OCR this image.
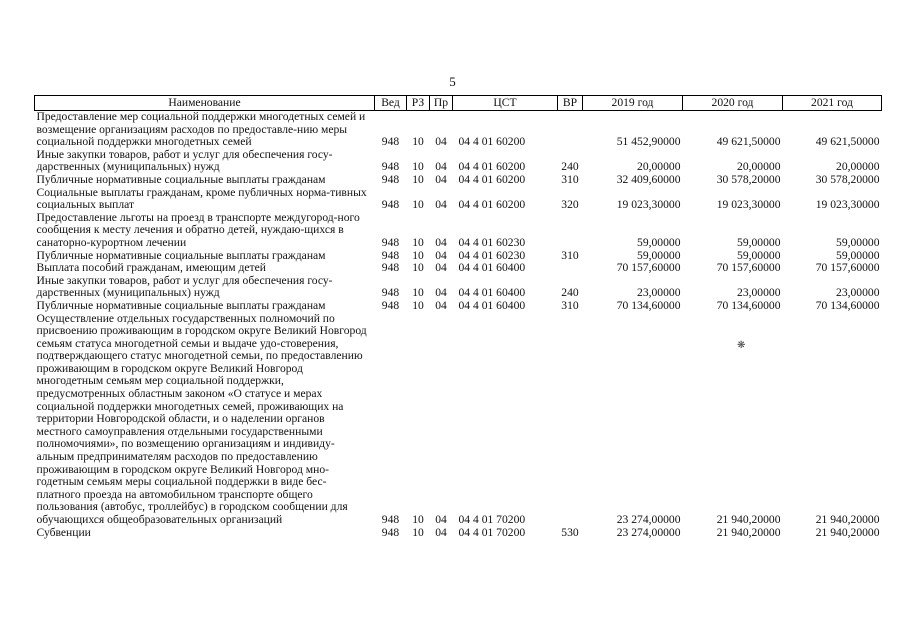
5
Наименование	Вед	РЗ	Пр	ЦСТ	ВР	2019 год	2020 год	2021 год
Предоставление мер социальной поддержки многодетных семей и возмещение организациям расходов по предоставле-нию меры социальной поддержки многодетных семей	948	10	04	04 4 01 60200		51 452,90000	49 621,50000	49 621,50000
Иные закупки товаров, работ и услуг для обеспечения госу-дарственных (муниципальных) нужд	948	10	04	04 4 01 60200	240	20,00000	20,00000	20,00000
Публичные нормативные социальные выплаты гражданам	948	10	04	04 4 01 60200	310	32 409,60000	30 578,20000	30 578,20000
Социальные выплаты гражданам, кроме публичных норма-тивных социальных выплат	948	10	04	04 4 01 60200	320	19 023,30000	19 023,30000	19 023,30000
Предоставление льготы на проезд в транспорте междугород-ного сообщения к месту лечения и обратно детей, нуждаю-щихся в санаторно-курортном лечении	948	10	04	04 4 01 60230		59,00000	59,00000	59,00000
Публичные нормативные социальные выплаты гражданам	948	10	04	04 4 01 60230	310	59,00000	59,00000	59,00000
Выплата пособий гражданам, имеющим детей	948	10	04	04 4 01 60400		70 157,60000	70 157,60000	70 157,60000
Иные закупки товаров, работ и услуг для обеспечения госу-дарственных (муниципальных) нужд	948	10	04	04 4 01 60400	240	23,00000	23,00000	23,00000
Публичные нормативные социальные выплаты гражданам	948	10	04	04 4 01 60400	310	70 134,60000	70 134,60000	70 134,60000
Осуществление отдельных государственных полномочий по присвоению проживающим в городском округе Великий Новгород семьям статуса многодетной семьи и выдаче удо-стоверения, подтверждающего статус многодетной семьи, по предоставлению проживающим в городском округе Великий Новгород многодетным семьям мер социальной поддержки, предусмотренных областным законом «О статусе и мерах социальной поддержки многодетных семей, проживающих на территории Новгородской области, и о наделении органов местного самоуправления отдельными государственными полномочиями», по возмещению организациям и индивиду-альным предпринимателям расходов по предоставлению проживающим в городском округе Великий Новгород мно-годетным семьям меры социальной поддержки в виде бес-платного проезда на автомобильном транспорте общего пользования (автобус, троллейбус) в городском сообщении для обучающихся общеобразовательных организаций	948	10	04	04 4 01 70200		23 274,00000	21 940,20000	21 940,20000
Субвенции	948	10	04	04 4 01 70200	530	23 274,00000	21 940,20000	21 940,20000
❋
